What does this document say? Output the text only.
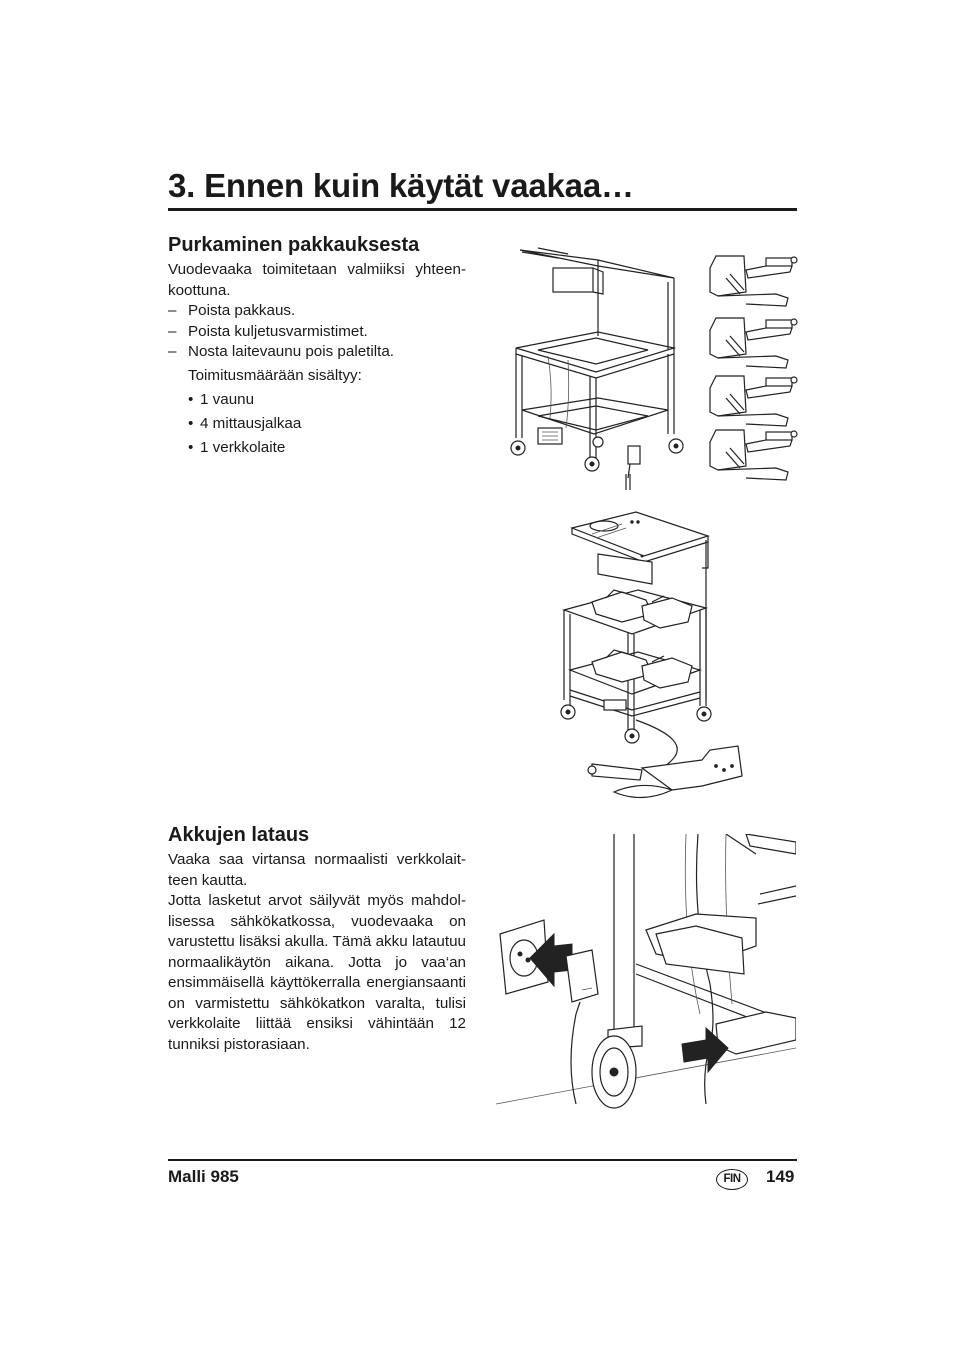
3. Ennen kuin käytät vaakaa…
Purkaminen pakkauksesta
Vuodevaaka toimitetaan valmiiksi yhteenkoottuna.
– Poista pakkaus.
– Poista kuljetusvarmistimet.
– Nosta laitevaunu pois paletilta.
Toimitusmäärään sisältyy:
• 1 vaunu
• 4 mittausjalkaa
• 1 verkkolaite
Akkujen lataus
Vaaka saa virtansa normaalisti verkkolaitteen kautta.
Jotta lasketut arvot säilyvät myös mahdollisessa sähkökatkossa, vuodevaaka on varustettu lisäksi akulla. Tämä akku latautuu normaalikäytön aikana. Jotta jo vaa‘an ensimmäisellä käyttökerralla energiansaanti on varmistettu sähkökatkon varalta, tulisi verkkolaite liittää ensiksi vähintään 12 tunniksi pistorasiaan.
Malli 985	FIN	149
